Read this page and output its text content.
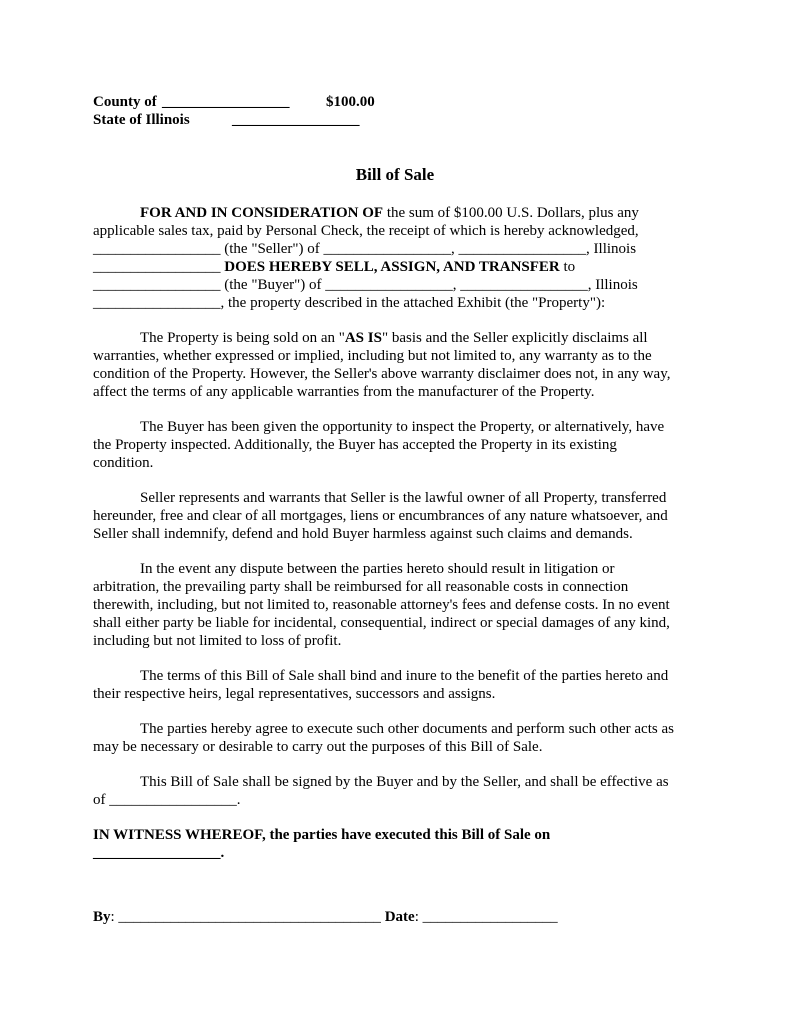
County of

_________________

$100.00

State of Illinois

	_________________

Bill of Sale

FOR AND IN CONSIDERATION OF the sum of $100.00 U.S. Dollars, plus any
applicable sales tax, paid by Personal Check, the receipt of which is hereby acknowledged,
_________________ (the "Seller") of _________________, _________________, Illinois
_________________ DOES HEREBY SELL, ASSIGN, AND TRANSFER to
_________________ (the "Buyer") of _________________, _________________, Illinois
_________________, the property described in the attached Exhibit (the "Property"):

The Property is being sold on an "AS IS" basis and the Seller explicitly disclaims all
warranties, whether expressed or implied, including but not limited to, any warranty as to the
condition of the Property. However, the Seller's above warranty disclaimer does not, in any way,
affect the terms of any applicable warranties from the manufacturer of the Property.

The Buyer has been given the opportunity to inspect the Property, or alternatively, have
the Property inspected. Additionally, the Buyer has accepted the Property in its existing
condition.

Seller represents and warrants that Seller is the lawful owner of all Property, transferred
hereunder, free and clear of all mortgages, liens or encumbrances of any nature whatsoever, and
Seller shall indemnify, defend and hold Buyer harmless against such claims and demands.

In the event any dispute between the parties hereto should result in litigation or
arbitration, the prevailing party shall be reimbursed for all reasonable costs in connection
therewith, including, but not limited to, reasonable attorney's fees and defense costs. In no event
shall either party be liable for incidental, consequential, indirect or special damages of any kind,
including but not limited to loss of profit.

The terms of this Bill of Sale shall bind and inure to the benefit of the parties hereto and
their respective heirs, legal representatives, successors and assigns.

The parties hereby agree to execute such other documents and perform such other acts as
may be necessary or desirable to carry out the purposes of this Bill of Sale.

This Bill of Sale shall be signed by the Buyer and by the Seller, and shall be effective as
of _________________.

IN WITNESS WHEREOF, the parties have executed this Bill of Sale on
_________________.
By: ___________________________________ Date: __________________
